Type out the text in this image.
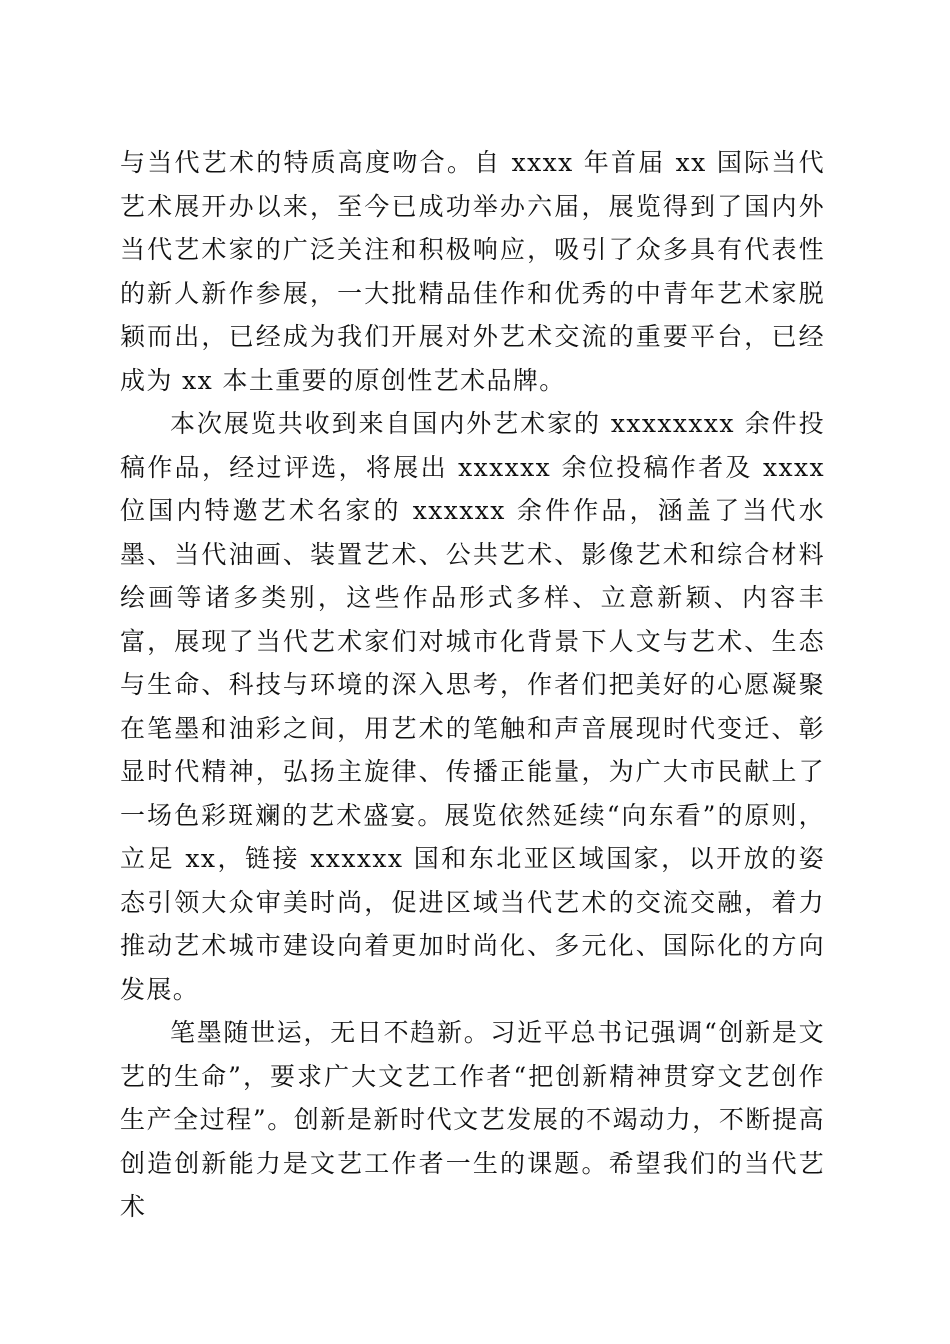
与当代艺术的特质高度吻合。自 xxxx 年首届 xx 国际当代艺术展开办以来，至今已成功举办六届，展览得到了国内外当代艺术家的广泛关注和积极响应，吸引了众多具有代表性的新人新作参展，一大批精品佳作和优秀的中青年艺术家脱颖而出，已经成为我们开展对外艺术交流的重要平台，已经成为 xx 本土重要的原创性艺术品牌。

本次展览共收到来自国内外艺术家的 xxxxxxxx 余件投稿作品，经过评选，将展出 xxxxxx 余位投稿作者及 xxxx 位国内特邀艺术名家的 xxxxxx 余件作品，涵盖了当代水墨、当代油画、装置艺术、公共艺术、影像艺术和综合材料绘画等诸多类别，这些作品形式多样、立意新颖、内容丰富，展现了当代艺术家们对城市化背景下人文与艺术、生态与生命、科技与环境的深入思考，作者们把美好的心愿凝聚在笔墨和油彩之间，用艺术的笔触和声音展现时代变迁、彰显时代精神，弘扬主旋律、传播正能量，为广大市民献上了一场色彩斑斓的艺术盛宴。展览依然延续“向东看”的原则，立足 xx，链接 xxxxxx 国和东北亚区域国家，以开放的姿态引领大众审美时尚，促进区域当代艺术的交流交融，着力推动艺术城市建设向着更加时尚化、多元化、国际化的方向发展。

笔墨随世运，无日不趋新。习近平总书记强调“创新是文艺的生命”，要求广大文艺工作者“把创新精神贯穿文艺创作生产全过程”。创新是新时代文艺发展的不竭动力，不断提高创造创新能力是文艺工作者一生的课题。希望我们的当代艺术
